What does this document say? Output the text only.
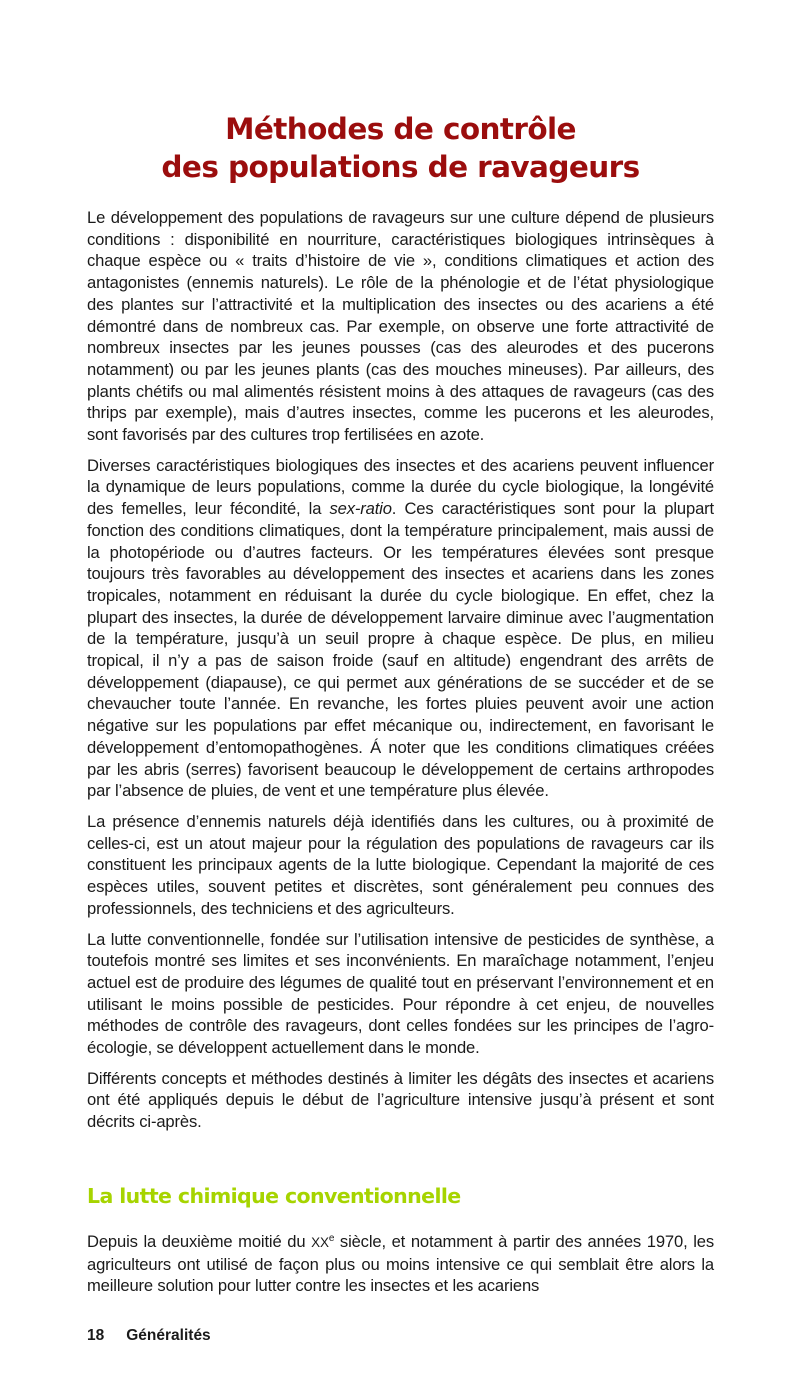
Méthodes de contrôle
des populations de ravageurs

Le développement des populations de ravageurs sur une culture dépend de plusieurs conditions : disponibilité en nourriture, caractéristiques biologiques intrinsèques à chaque espèce ou « traits d’histoire de vie », conditions climatiques et action des antagonistes (ennemis naturels). Le rôle de la phénologie et de l’état physiologique des plantes sur l’attractivité et la multiplication des insectes ou des acariens a été démontré dans de nombreux cas. Par exemple, on observe une forte attractivité de nombreux insectes par les jeunes pousses (cas des aleurodes et des pucerons notamment) ou par les jeunes plants (cas des mouches mineuses). Par ailleurs, des plants chétifs ou mal alimentés résistent moins à des attaques de ravageurs (cas des thrips par exemple), mais d’autres insectes, comme les pucerons et les aleurodes, sont favorisés par des cultures trop fertilisées en azote.

Diverses caractéristiques biologiques des insectes et des acariens peuvent influencer la dynamique de leurs populations, comme la durée du cycle biologique, la longévité des femelles, leur fécondité, la sex-ratio. Ces caractéristiques sont pour la plupart fonction des conditions climatiques, dont la température principalement, mais aussi de la photopériode ou d’autres facteurs. Or les températures élevées sont presque toujours très favorables au développement des insectes et acariens dans les zones tropicales, notamment en réduisant la durée du cycle biologique. En effet, chez la plupart des insectes, la durée de développement larvaire diminue avec l’augmentation de la température, jusqu’à un seuil propre à chaque espèce. De plus, en milieu tropical, il n’y a pas de saison froide (sauf en altitude) engendrant des arrêts de développement (diapause), ce qui permet aux générations de se succéder et de se chevaucher toute l’année. En revanche, les fortes pluies peuvent avoir une action négative sur les populations par effet mécanique ou, indirectement, en favorisant le développement d’entomopathogènes. Á noter que les conditions climatiques créées par les abris (serres) favorisent beaucoup le développement de certains arthropodes par l’absence de pluies, de vent et une température plus élevée.

La présence d’ennemis naturels déjà identifiés dans les cultures, ou à proximité de celles-ci, est un atout majeur pour la régulation des populations de ravageurs car ils constituent les principaux agents de la lutte biologique. Cependant la majorité de ces espèces utiles, souvent petites et discrètes, sont généralement peu connues des professionnels, des techniciens et des agriculteurs.

La lutte conventionnelle, fondée sur l’utilisation intensive de pesticides de synthèse, a toutefois montré ses limites et ses inconvénients. En maraîchage notamment, l’enjeu actuel est de produire des légumes de qualité tout en préservant l’environnement et en utilisant le moins possible de pesticides. Pour répondre à cet enjeu, de nouvelles méthodes de contrôle des ravageurs, dont celles fondées sur les principes de l’agro-écologie, se développent actuellement dans le monde.

Différents concepts et méthodes destinés à limiter les dégâts des insectes et acariens ont été appliqués depuis le début de l’agriculture intensive jusqu’à présent et sont décrits ci-après.

La lutte chimique conventionnelle

Depuis la deuxième moitié du XXe siècle, et notamment à partir des années 1970, les agriculteurs ont utilisé de façon plus ou moins intensive ce qui semblait être alors la meilleure solution pour lutter contre les insectes et les acariens

18 Généralités
